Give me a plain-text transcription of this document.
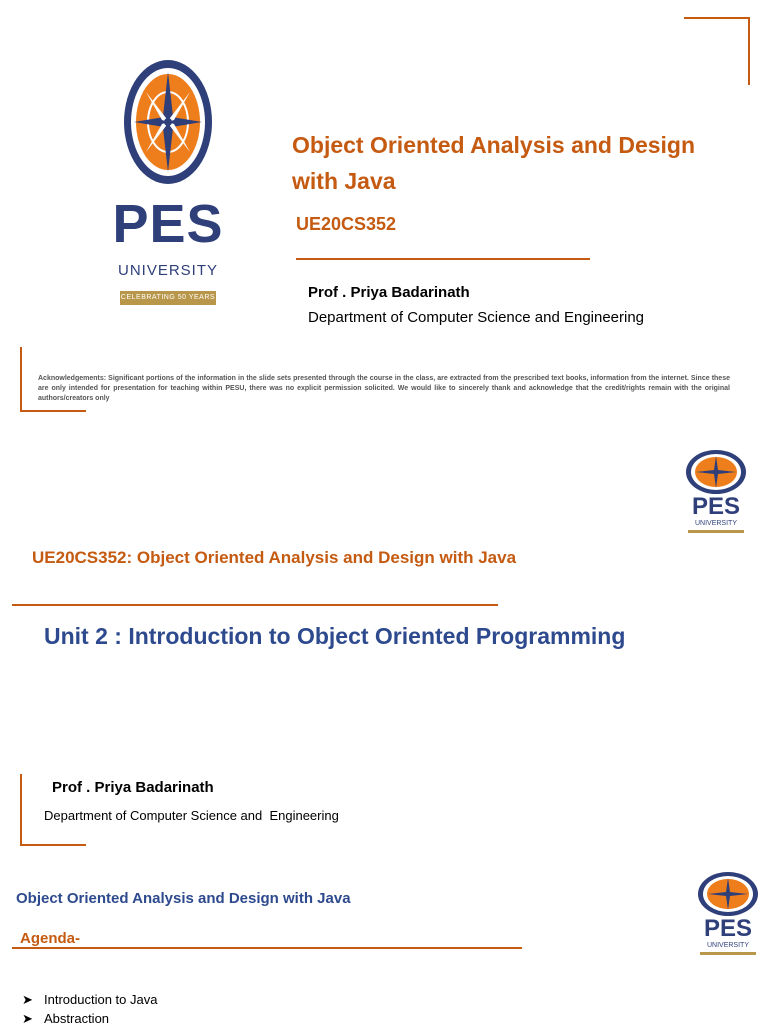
PES
UNIVERSITY
CELEBRATING 50 YEARS
Object Oriented Analysis and Design
with Java
UE20CS352
Prof . Priya Badarinath
Department of Computer Science and Engineering
Acknowledgements: Significant portions of the information in the slide sets presented through the course in the class, are extracted from the prescribed text books, information from the internet. Since these are only intended for presentation for teaching within PESU, there was no explicit permission solicited. We would like to sincerely thank and acknowledge that the credit/rights remain with the original authors/creators only
PES
UNIVERSITY
UE20CS352: Object Oriented Analysis and Design with Java
Unit 2 : Introduction to Object Oriented Programming
Prof . Priya Badarinath
Department of Computer Science and  Engineering
PES
UNIVERSITY
Object Oriented Analysis and Design with Java
Agenda-
➤ Introduction to Java
➤ Abstraction
